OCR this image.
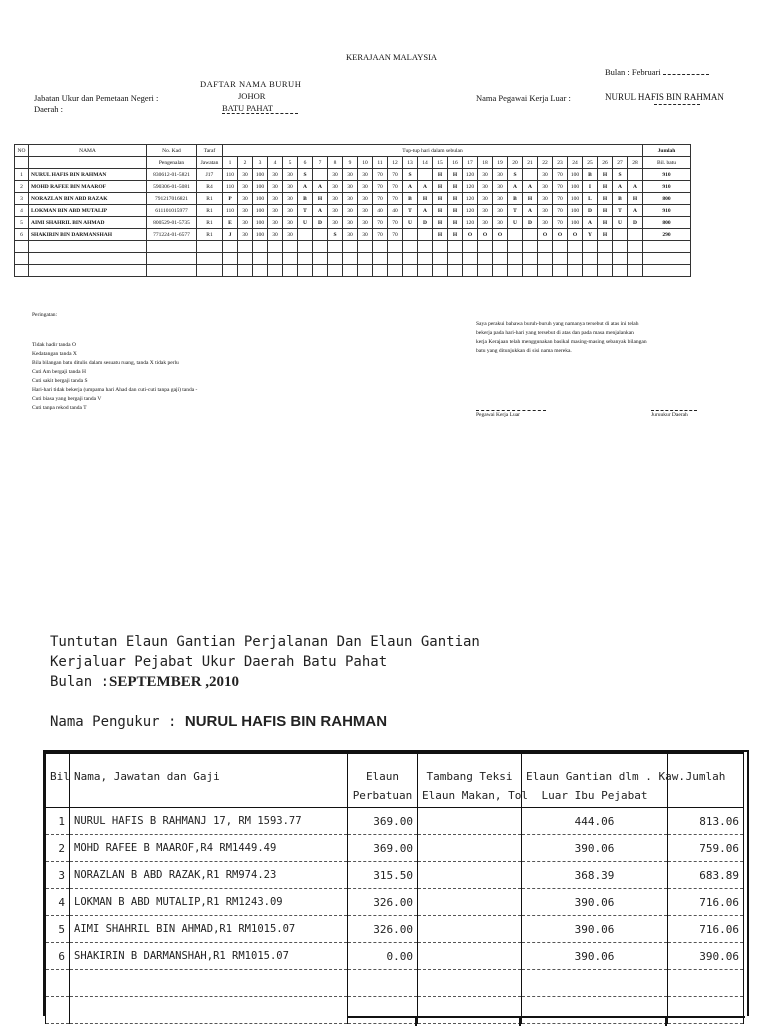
KERAJAAN MALAYSIA
Bulan : Februari
DAFTAR NAMA BURUH
JOHOR
BATU PAHAT
Jabatan Ukur dan Pemetaan Negeri :
Daerah :
Nama Pegawai Kerja Luar :	NURUL HAFIS BIN RAHMAN
NO	NAMA	No. Kad	Taraf	Tup-tup hari dalam sebulan																												Jumlah
		Pengenalan	Jawatan	1	2	3	4	5	6	7	8	9	10	11	12	13	14	15	16	17	18	19	20	21	22	23	24	25	26	27	28	Bil. batu
1	NURUL HAFIS BIN RAHMAN	830612-01-5821	J17	110	30	100	30	30	S		30	30	30	70	70	S		H	H	120	30	30	S		30	70	100	B	H	S		910
2	MOHD RAFEE BIN MAAROF	590306-01-5081	R4	110	30	100	30	30	A	A	30	30	30	70	70	A	A	H	H	120	30	30	A	A	30	70	100	I	H	A	A	910
3	NORAZLAN BIN ABD RAZAK	791217016821	R1	P	30	100	30	30	B	H	30	30	30	70	70	B	H	H	H	120	30	30	B	H	30	70	100	L	H	B	H	800
4	LOKMAN BIN ABD MUTALIP	611101015977	R1	110	30	100	30	30	T	A	30	30	30	40	40	T	A	H	H	120	30	30	T	A	30	70	100	D	H	T	A	910
5	AIMI SHAHRIL BIN AHMAD	800529-01-5735	R1	E	30	100	30	30	U	D	30	30	30	70	70	U	D	H	H	120	30	30	U	D	30	70	100	A	H	U	D	800
6	SHAKIRIN BIN DARMANSHAH	771224-01-6577	R1	J	30	100	30	30			S	30	30	70	70			H	H	O	O	O			O	O	O	Y	H			290

Peringatan:
Tidak hadir tanda O
Kedatangan tanda X
Bila bilangan batu ditulis dalam sesuatu ruang, tanda X tidak perlu
Cuti Am bergaji tanda H
Cuti sakit bergaji tanda S
Hari-hari tidak bekerja (umpama hari Ahad dan cuti-cuti tanpa gaji) tanda -
Cuti biasa yang bergaji tanda V
Cuti tanpa rekod tanda T
Saya perakui bahawa buruh-buruh yang namanya tersebut di atas ini telah
bekerja pada hari-hari yang tersebut di atas dan pada masa menjalankan
kerja Kerajaan telah menggunakan basikal masing-masing sebanyak bilangan
batu yang ditunjukkan di sisi nama mereka.
Pegawai Kerja Luar	Juruukur Daerah
Tuntutan Elaun Gantian Perjalanan Dan Elaun Gantian
Kerjaluar Pejabat Ukur Daerah Batu Pahat
Bulan :SEPTEMBER ,2010
Nama Pengukur : NURUL HAFIS BIN RAHMAN
Bil	Nama, Jawatan dan Gaji	Elaun	Tambang Teksi	Elaun Gantian dlm . Kaw.	Jumlah
		Perbatuan	Elaun Makan, Tol	Luar Ibu Pejabat	
1	NURUL HAFIS B RAHMANJ 17, RM 1593.77	369.00		444.06	813.06
2	MOHD RAFEE B MAAROF,R4 RM1449.49	369.00		390.06	759.06
3	NORAZLAN B ABD RAZAK,R1 RM974.23	315.50		368.39	683.89
4	LOKMAN B ABD MUTALIP,R1 RM1243.09	326.00		390.06	716.06
5	AIMI SHAHRIL BIN AHMAD,R1 RM1015.07	326.00		390.06	716.06
6	SHAKIRIN B DARMANSHAH,R1 RM1015.07	0.00		390.06	390.06
